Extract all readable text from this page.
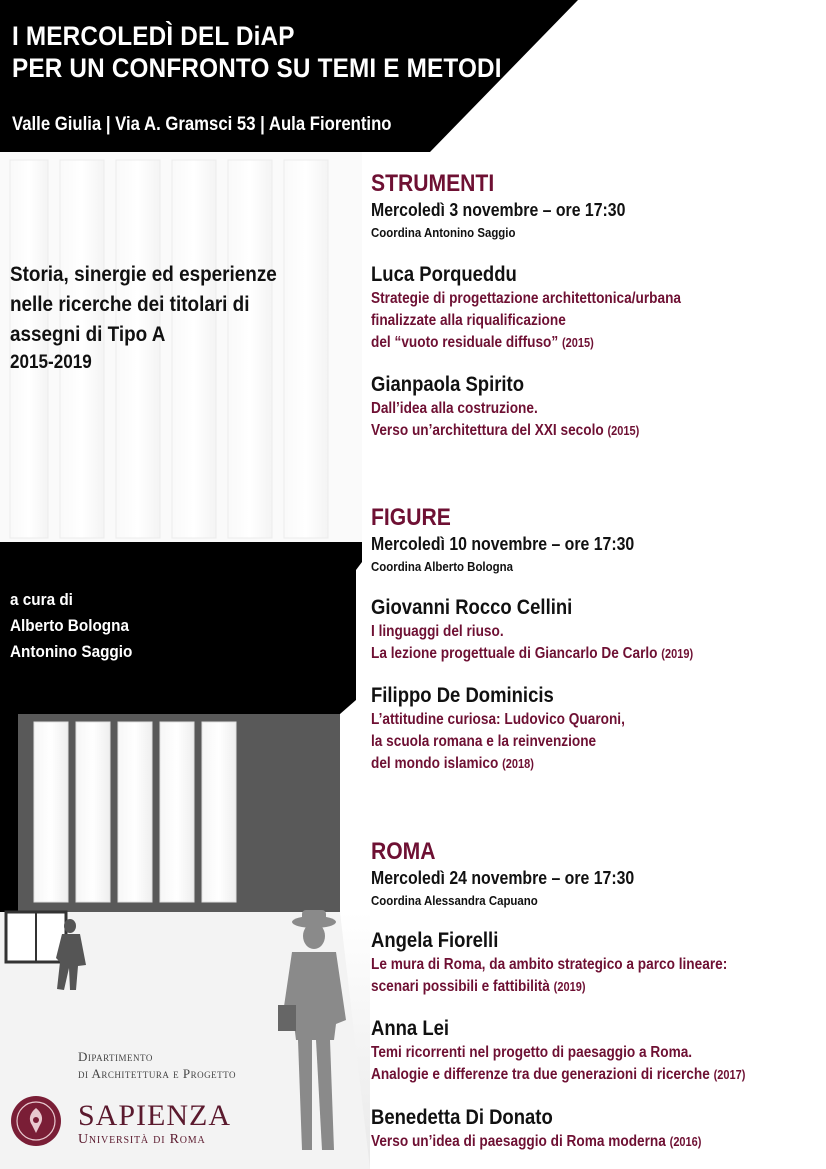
I MERCOLEDÌ DEL DiAP
PER UN CONFRONTO SU TEMI E METODI
Valle Giulia | Via A. Gramsci 53 | Aula Fiorentino
Storia, sinergie ed esperienze
nelle ricerche dei titolari di
assegni di Tipo A
2015-2019
a cura di
Alberto Bologna
Antonino Saggio
STRUMENTI
Mercoledì 3 novembre – ore 17:30
Coordina Antonino Saggio
Luca Porqueddu
Strategie di progettazione architettonica/urbana
finalizzate alla riqualificazione
del “vuoto residuale diffuso” (2015)
Gianpaola Spirito
Dall’idea alla costruzione.
Verso un’architettura del XXI secolo (2015)
FIGURE
Mercoledì 10 novembre – ore 17:30
Coordina Alberto Bologna
Giovanni Rocco Cellini
I linguaggi del riuso.
La lezione progettuale di Giancarlo De Carlo (2019)
Filippo De Dominicis
L’attitudine curiosa: Ludovico Quaroni,
la scuola romana e la reinvenzione
del mondo islamico (2018)
ROMA
Mercoledì 24 novembre – ore 17:30
Coordina Alessandra Capuano
Angela Fiorelli
Le mura di Roma, da ambito strategico a parco lineare:
scenari possibili e fattibilità (2019)
Anna Lei
Temi ricorrenti nel progetto di paesaggio a Roma.
Analogie e differenze tra due generazioni di ricerche (2017)
Benedetta Di Donato
Verso un’idea di paesaggio di Roma moderna (2016)
Dipartimento
di Architettura e Progetto
SAPIENZA
Università di Roma
